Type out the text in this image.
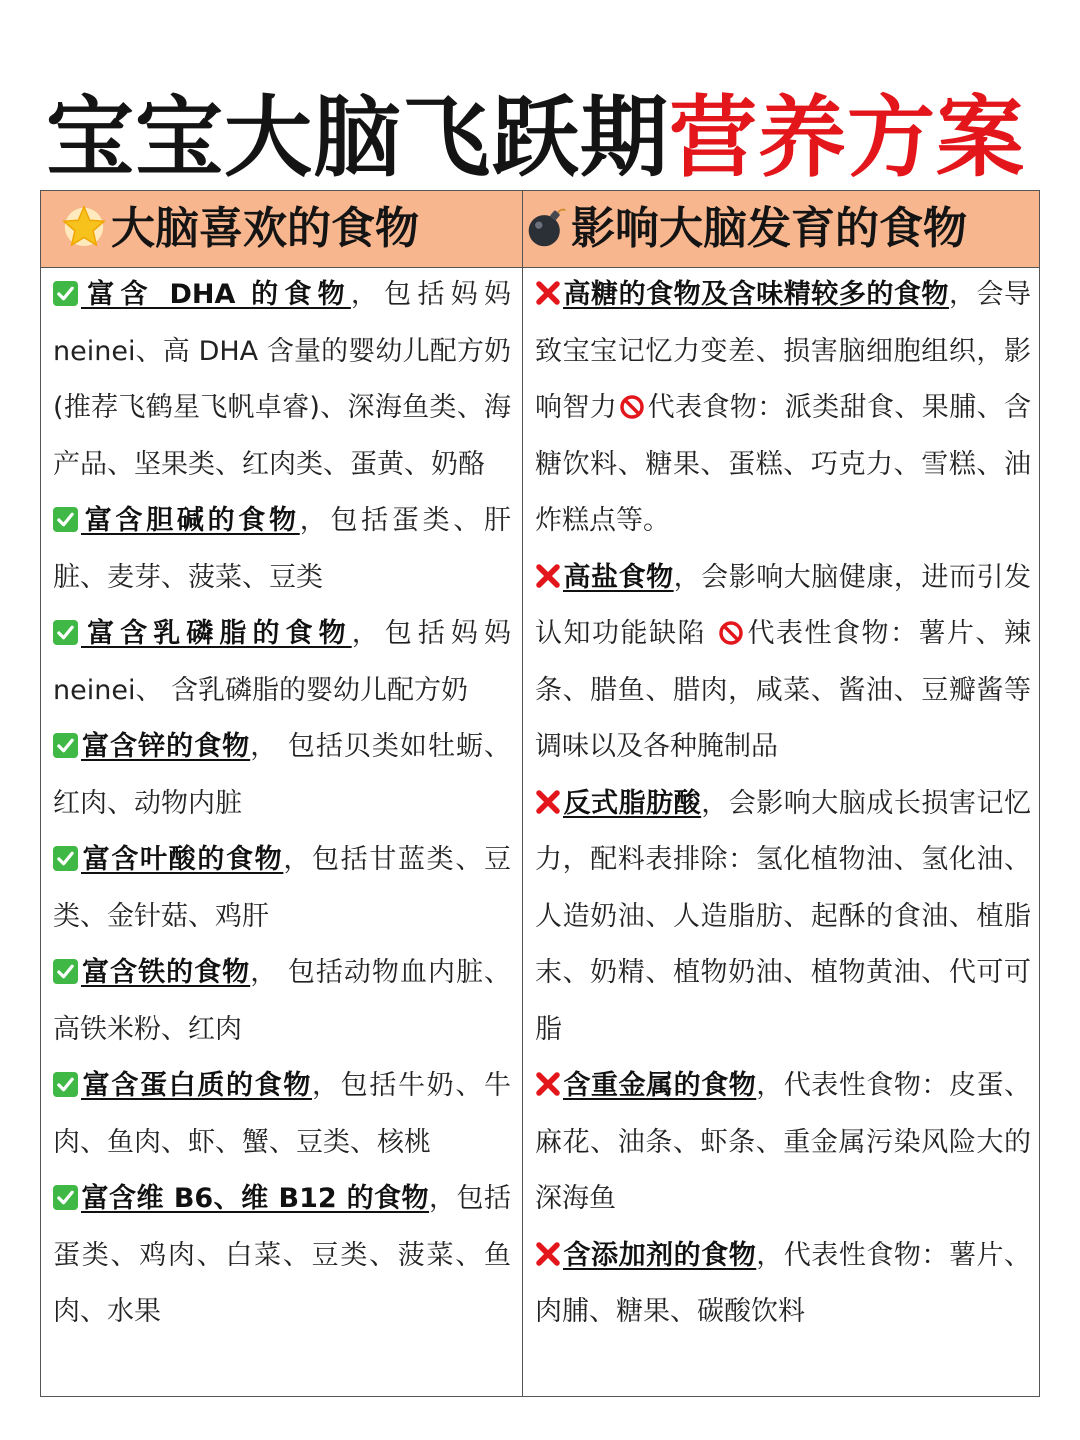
宝宝大脑飞跃期营养方案
大脑喜欢的食物	影响大脑发育的食物
富含 DHA 的食物，包括妈妈neinei、高 DHA 含量的婴幼儿配方奶(推荐飞鹤星飞帆卓睿)、深海鱼类、海产品、坚果类、红肉类、蛋黄、奶酪
富含胆碱的食物，包括蛋类、肝脏、麦芽、菠菜、豆类
富含乳磷脂的食物，包括妈妈neinei、 含乳磷脂的婴幼儿配方奶
富含锌的食物， 包括贝类如牡蛎、红肉、动物内脏
富含叶酸的食物，包括甘蓝类、豆类、金针菇、鸡肝
富含铁的食物， 包括动物血内脏、高铁米粉、红肉
富含蛋白质的食物，包括牛奶、牛肉、鱼肉、虾、蟹、豆类、核桃
富含维 B6、维 B12 的食物，包括蛋类、鸡肉、白菜、豆类、菠菜、鱼肉、水果
高糖的食物及含味精较多的食物，会导致宝宝记忆力变差、损害脑细胞组织，影响智力 代表食物：派类甜食、果脯、含糖饮料、糖果、蛋糕、巧克力、雪糕、油炸糕点等。
高盐食物，会影响大脑健康，进而引发认知功能缺陷 代表性食物：薯片、辣条、腊鱼、腊肉，咸菜、酱油、豆瓣酱等调味以及各种腌制品
反式脂肪酸，会影响大脑成长损害记忆力，配料表排除：氢化植物油、氢化油、人造奶油、人造脂肪、起酥的食油、植脂末、奶精、植物奶油、植物黄油、代可可脂
含重金属的食物，代表性食物：皮蛋、麻花、油条、虾条、重金属污染风险大的深海鱼
含添加剂的食物，代表性食物：薯片、肉脯、糖果、碳酸饮料
